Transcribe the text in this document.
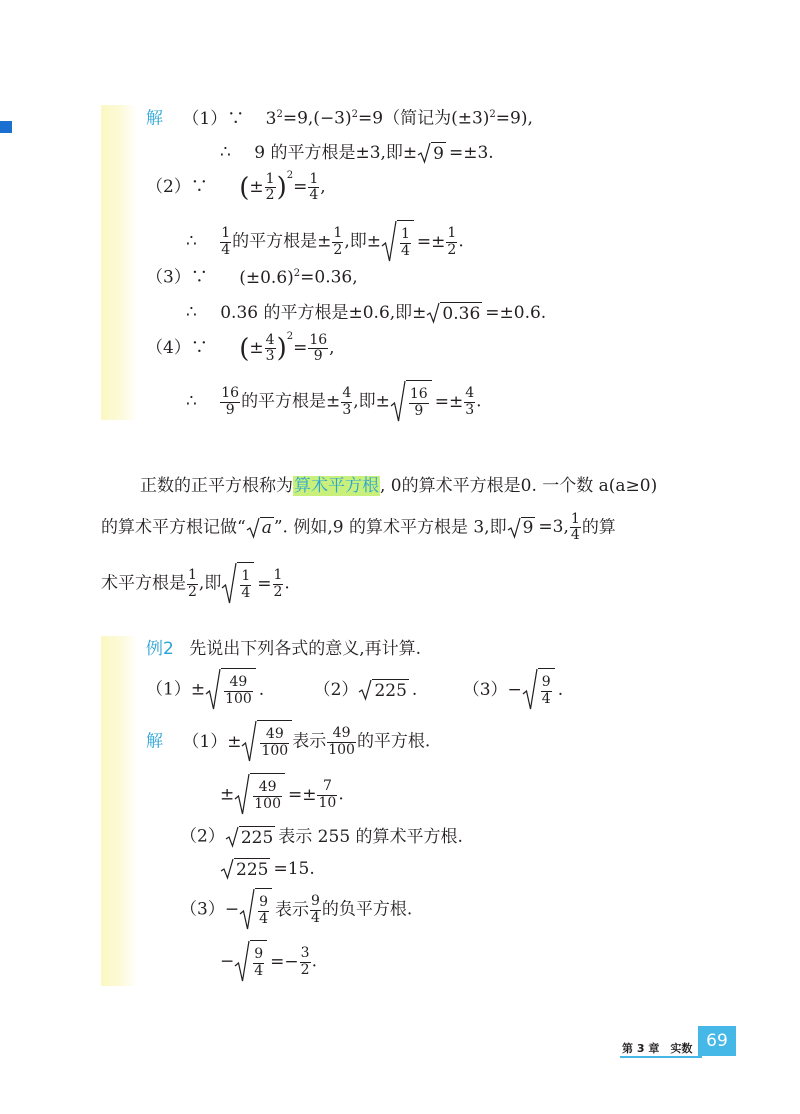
解 （1）∵ $3^2=9,(-3)^2=9$（简记为$(\pm 3)^2=9$),
∴ 9 的平方根是±3,即± 9 =±3.
（2）∵ (± $\frac{1}{2} )^2= \frac{1}{4}$ ,
∴ $\frac{1}{4}$ 的平方根是± $\frac{1}{2}$ ,即± $\frac{1}{4} =\pm \frac{1}{2}$ .
（3）∵ $(\pm 0.6)^2=0.36$,
∴ 0.36 的平方根是±0.6,即± 0.36 =±0.6.
（4）∵ (± $\frac{4}{3} )^2= \frac{16}{9}$ ,
∴ $\frac{16}{9}$ 的平方根是± $\frac{4}{3}$ ,即± $\frac{16}{9} =\pm \frac{4}{3}$ .
正数的正平方根称为算术平方根, 0的算术平方根是0. 一个数 a(a≥0)
的算术平方根记做“ a ”. 例如,9 的算术平方根是 3,即 9 =3, $\frac{1}{4}$ 的算
术平方根是 $\frac{1}{2}$ ,即 $\frac{1}{4} = \frac{1}{2}$ .
例2 先说出下列各式的意义,再计算.
$(1)\pm \frac{49}{100}$ .	（2） 225 .	$(3)- \frac{9}{4}$ .
解 $(1)\pm \frac{49}{100}$ 表示 $\frac{49}{100}$ 的平方根.
± $\frac{49}{100} =\pm \frac{7}{10}$ .
（2） 225 表示 255 的算术平方根.
225 =15.
$(3)- \frac{9}{4}$ 表示 $\frac{9}{4}$ 的负平方根.
− $\frac{9}{4} =- \frac{3}{2}$ .
第 3 章　实数 69
